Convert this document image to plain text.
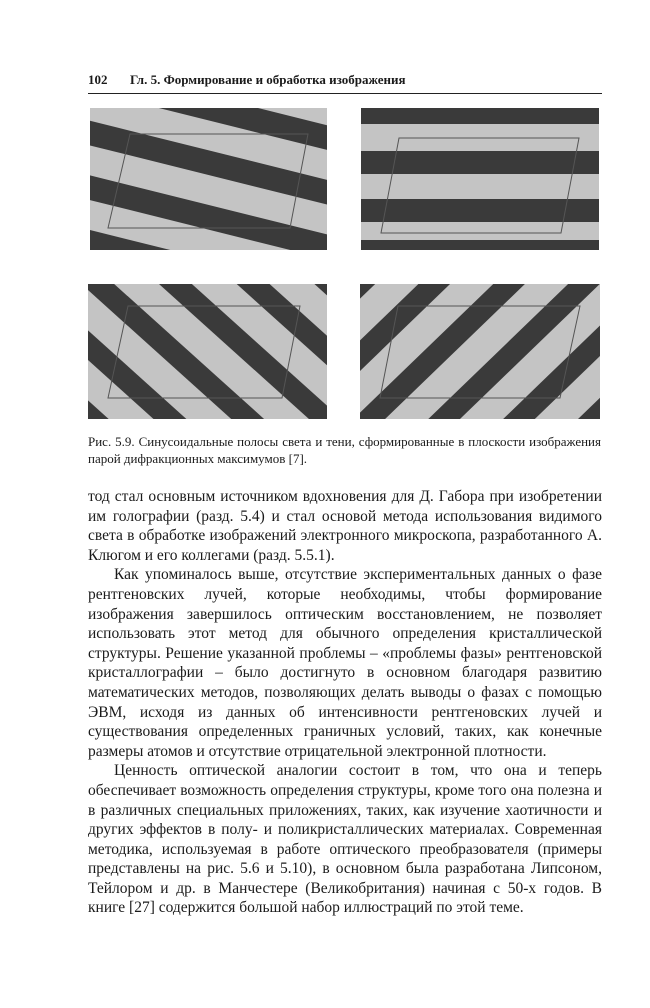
102 Гл. 5. Формирование и обработка изображения
Рис. 5.9. Синусоидальные полосы света и тени, сформированные в плоскости изображения парой дифракционных максимумов [7].

тод стал основным источником вдохновения для Д. Габора при изобретении им голографии (разд. 5.4) и стал основой метода использования видимого света в обработке изображений электронного микроскопа, разработанного А. Клюгом и его коллегами (разд. 5.5.1).

Как упоминалось выше, отсутствие экспериментальных данных о фазе рентгеновских лучей, которые необходимы, чтобы формирование изображения завершилось оптическим восстановлением, не позволяет использовать этот метод для обычного определения кристаллической структуры. Решение указанной проблемы – «проблемы фазы» рентгеновской кристаллографии – было достигнуто в основном благодаря развитию математических методов, позволяющих делать выводы о фазах с помощью ЭВМ, исходя из данных об интенсивности рентгеновских лучей и существования определенных граничных условий, таких, как конечные размеры атомов и отсутствие отрицательной электронной плотности.

Ценность оптической аналогии состоит в том, что она и теперь обеспечивает возможность определения структуры, кроме того она полезна и в различных специальных приложениях, таких, как изучение хаотичности и других эффектов в полу- и поликристаллических материалах. Современная методика, используемая в работе оптического преобразователя (примеры представлены на рис. 5.6 и 5.10), в основном была разработана Липсоном, Тейлором и др. в Манчестере (Великобритания) начиная с 50-х годов. В книге [27] содержится большой набор иллюстраций по этой теме.
